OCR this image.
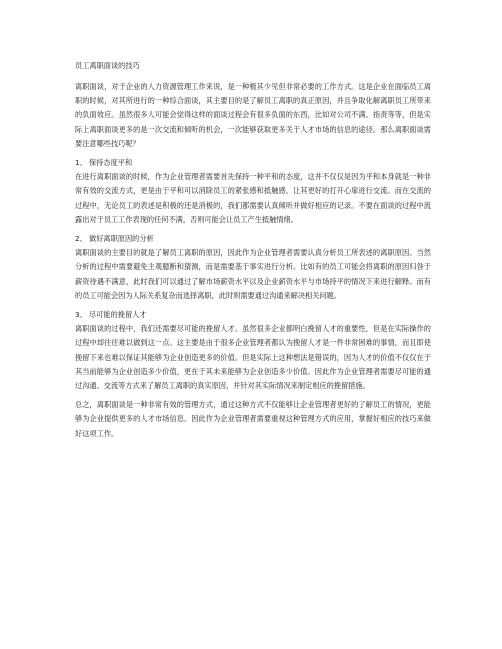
员工离职面谈的技巧

离职面谈，对于企业的人力资源管理工作来说，是一种极其少见但非常必要的工作方式。这是企业在面临员工离职的时候，对其所进行的一种综合面谈，其主要目的是了解员工离职的真正原因，并且争取化解离职员工所带来的负面效应。虽然很多人可能会觉得这样的面谈过程会有很多负面的东西，比如对公司不满、指责等等，但是实际上离职面谈更多的是一次交流和倾听的机会，一次能够获取更多关于人才市场的信息的途径。那么离职面谈需要注意哪些技巧呢？

1、 保持态度平和

在进行离职面谈的时候，作为企业管理者需要首先保持一种平和的态度，这并不仅仅是因为平和本身就是一种非常有效的交流方式，更是由于平和可以消除员工的紧张感和抵触感，让其更好的打开心扉进行交流。而在交流的过程中，无论员工的表述是积极的还是消极的，我们都需要认真倾听并做好相应的记录。不要在面谈的过程中流露出对于员工工作表现的任何不满，否则可能会让员工产生抵触情绪。

2、 做好离职原因的分析

离职面谈的主要目的就是了解员工离职的原因，因此作为企业管理者需要认真分析员工所表述的离职原因。当然分析的过程中需要避免主观臆断和猜测，而是需要基于事实进行分析。比如有的员工可能会将离职的原因归咎于薪资待遇不满意，此时我们可以通过了解市场薪资水平以及企业薪资水平与市场持平的情况下来进行解释。而有的员工可能会因为人际关系复杂而选择离职，此时则需要通过沟通来解决相关问题。

3、 尽可能的挽留人才

离职面谈的过程中，我们还需要尽可能的挽留人才。虽然很多企业都明白挽留人才的重要性，但是在实际操作的过程中却往往难以做到这一点。这主要是由于很多企业管理者都认为挽留人才是一件非常困难的事情，而且即使挽留下来也难以保证其能够为企业创造更多的价值。但是实际上这种想法是错误的，因为人才的价值不仅仅在于其当前能够为企业创造多少价值，更在于其未来能够为企业创造多少价值。因此作为企业管理者需要尽可能的通过沟通、交流等方式来了解员工离职的真实原因，并针对其实际情况来制定相应的挽留措施。

总之，离职面谈是一种非常有效的管理方式，通过这种方式不仅能够让企业管理者更好的了解员工的情况，更能够为企业提供更多的人才市场信息。因此作为企业管理者需要重视这种管理方式的应用，掌握好相应的技巧来做好这项工作。
